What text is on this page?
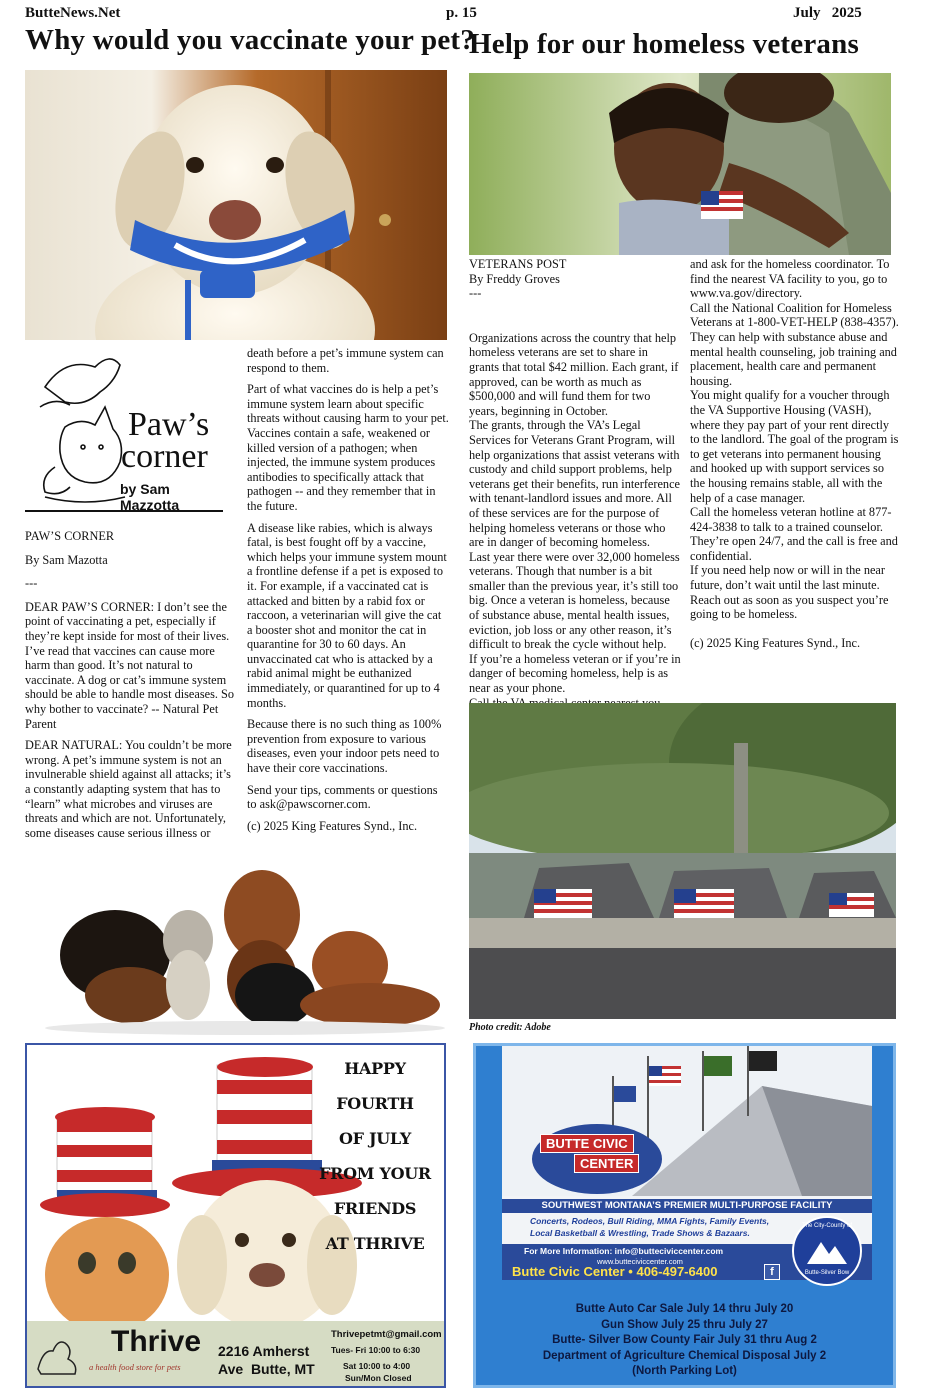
ButteNews.Net	p. 15	July   2025
Why would you vaccinate your pet?
Paw’s
corner
by Sam Mazzotta

PAW’S CORNER

By Sam Mazotta

---

DEAR PAW’S CORNER: I don’t see the point of vaccinating a pet, especially if they’re kept inside for most of their lives. I’ve read that vaccines can cause more harm than good. It’s not natural to vaccinate. A dog or cat’s immune system should be able to handle most diseases. So why bother to vaccinate? -- Natural Pet Parent

DEAR NATURAL: You couldn’t be more wrong. A pet’s immune system is not an invulnerable shield against all attacks; it’s a constantly adapting system that has to “learn” what microbes and viruses are threats and which are not. Unfortunately, some diseases cause serious illness or

death before a pet’s immune system can respond to them.

Part of what vaccines do is help a pet’s immune system learn about specific threats without causing harm to your pet. Vaccines contain a safe, weakened or killed version of a pathogen; when injected, the immune system produces antibodies to specifically attack that pathogen -- and they remember that in the future.

A disease like rabies, which is always fatal, is best fought off by a vaccine, which helps your immune system mount a frontline defense if a pet is exposed to it. For example, if a vaccinated cat is attacked and bitten by a rabid fox or raccoon, a veterinarian will give the cat a booster shot and monitor the cat in quarantine for 30 to 60 days. An unvaccinated cat who is attacked by a rabid animal might be euthanized immediately, or quarantined for up to 4 months.

Because there is no such thing as 100% prevention from exposure to various diseases, even your indoor pets need to have their core vaccinations.

Send your tips, comments or questions to ask@pawscorner.com.

(c) 2025 King Features Synd., Inc.

Help for our homeless veterans

VETERANS POST

By Freddy Groves

---

Organizations across the country that help homeless veterans are set to share in grants that total $42 million. Each grant, if approved, can be worth as much as $500,000 and will fund them for two years, beginning in October.

The grants, through the VA’s Legal Services for Veterans Grant Program, will help organizations that assist veterans with custody and child support problems, help veterans get their benefits, run interference with tenant-landlord issues and more. All of these services are for the purpose of helping homeless veterans or those who are in danger of becoming homeless.

Last year there were over 32,000 homeless veterans. Though that number is a bit smaller than the previous year, it’s still too big. Once a veteran is homeless, because of substance abuse, mental health issues, eviction, job loss or any other reason, it’s difficult to break the cycle without help.

If you’re a homeless veteran or if you’re in danger of becoming homeless, help is as near as your phone.

and ask for the homeless coordinator. To find the nearest VA facility to you, go to www.va.gov/directory.

Call the National Coalition for Homeless Veterans at 1-800-VET-HELP (838-4357). They can help with substance abuse and mental health counseling, job training and placement, health care and permanent housing.

You might qualify for a voucher through the VA Supportive Housing (VASH), where they pay part of your rent directly to the landlord. The goal of the program is to get veterans into permanent housing and hooked up with support services so the housing remains stable, all with the help of a case manager.

Call the homeless veteran hotline at 877-424-3838 to talk to a trained counselor. They’re open 24/7, and the call is free and confidential.

If you need help now or will in the near future, don’t wait until the last minute. Reach out as soon as you suspect you’re going to be homeless.

(c) 2025 King Features Synd., Inc.

Photo credit: Adobe
HAPPY FOURTH
OF JULY
FROM YOUR
FRIENDS
AT THRIVE
Thrive
a health food store for pets
2216 Amherst
Ave  Butte, MT
Thrivepetmt@gmail.com
Tues- Fri 10:00 to 6:30
Sat 10:00 to 4:00
Sun/Mon Closed
BUTTE CIVIC
CENTER
SOUTHWEST MONTANA’S PREMIER MULTI-PURPOSE FACILITY
Concerts, Rodeos, Bull Riding, MMA Fights, Family Events,
Local Basketball & Wrestling, Trade Shows & Bazaars.
For More Information: info@butteciviccenter.com
www.butteciviccenter.com
Butte Civic Center • 406-497-6400	f
The City-County of
Butte-Silver Bow
Butte Auto Car Sale July 14 thru July 20
Gun Show July 25 thru July 27
Butte- Silver Bow County Fair July 31 thru Aug 2
Department of Agriculture Chemical Disposal July 2
(North Parking Lot)
